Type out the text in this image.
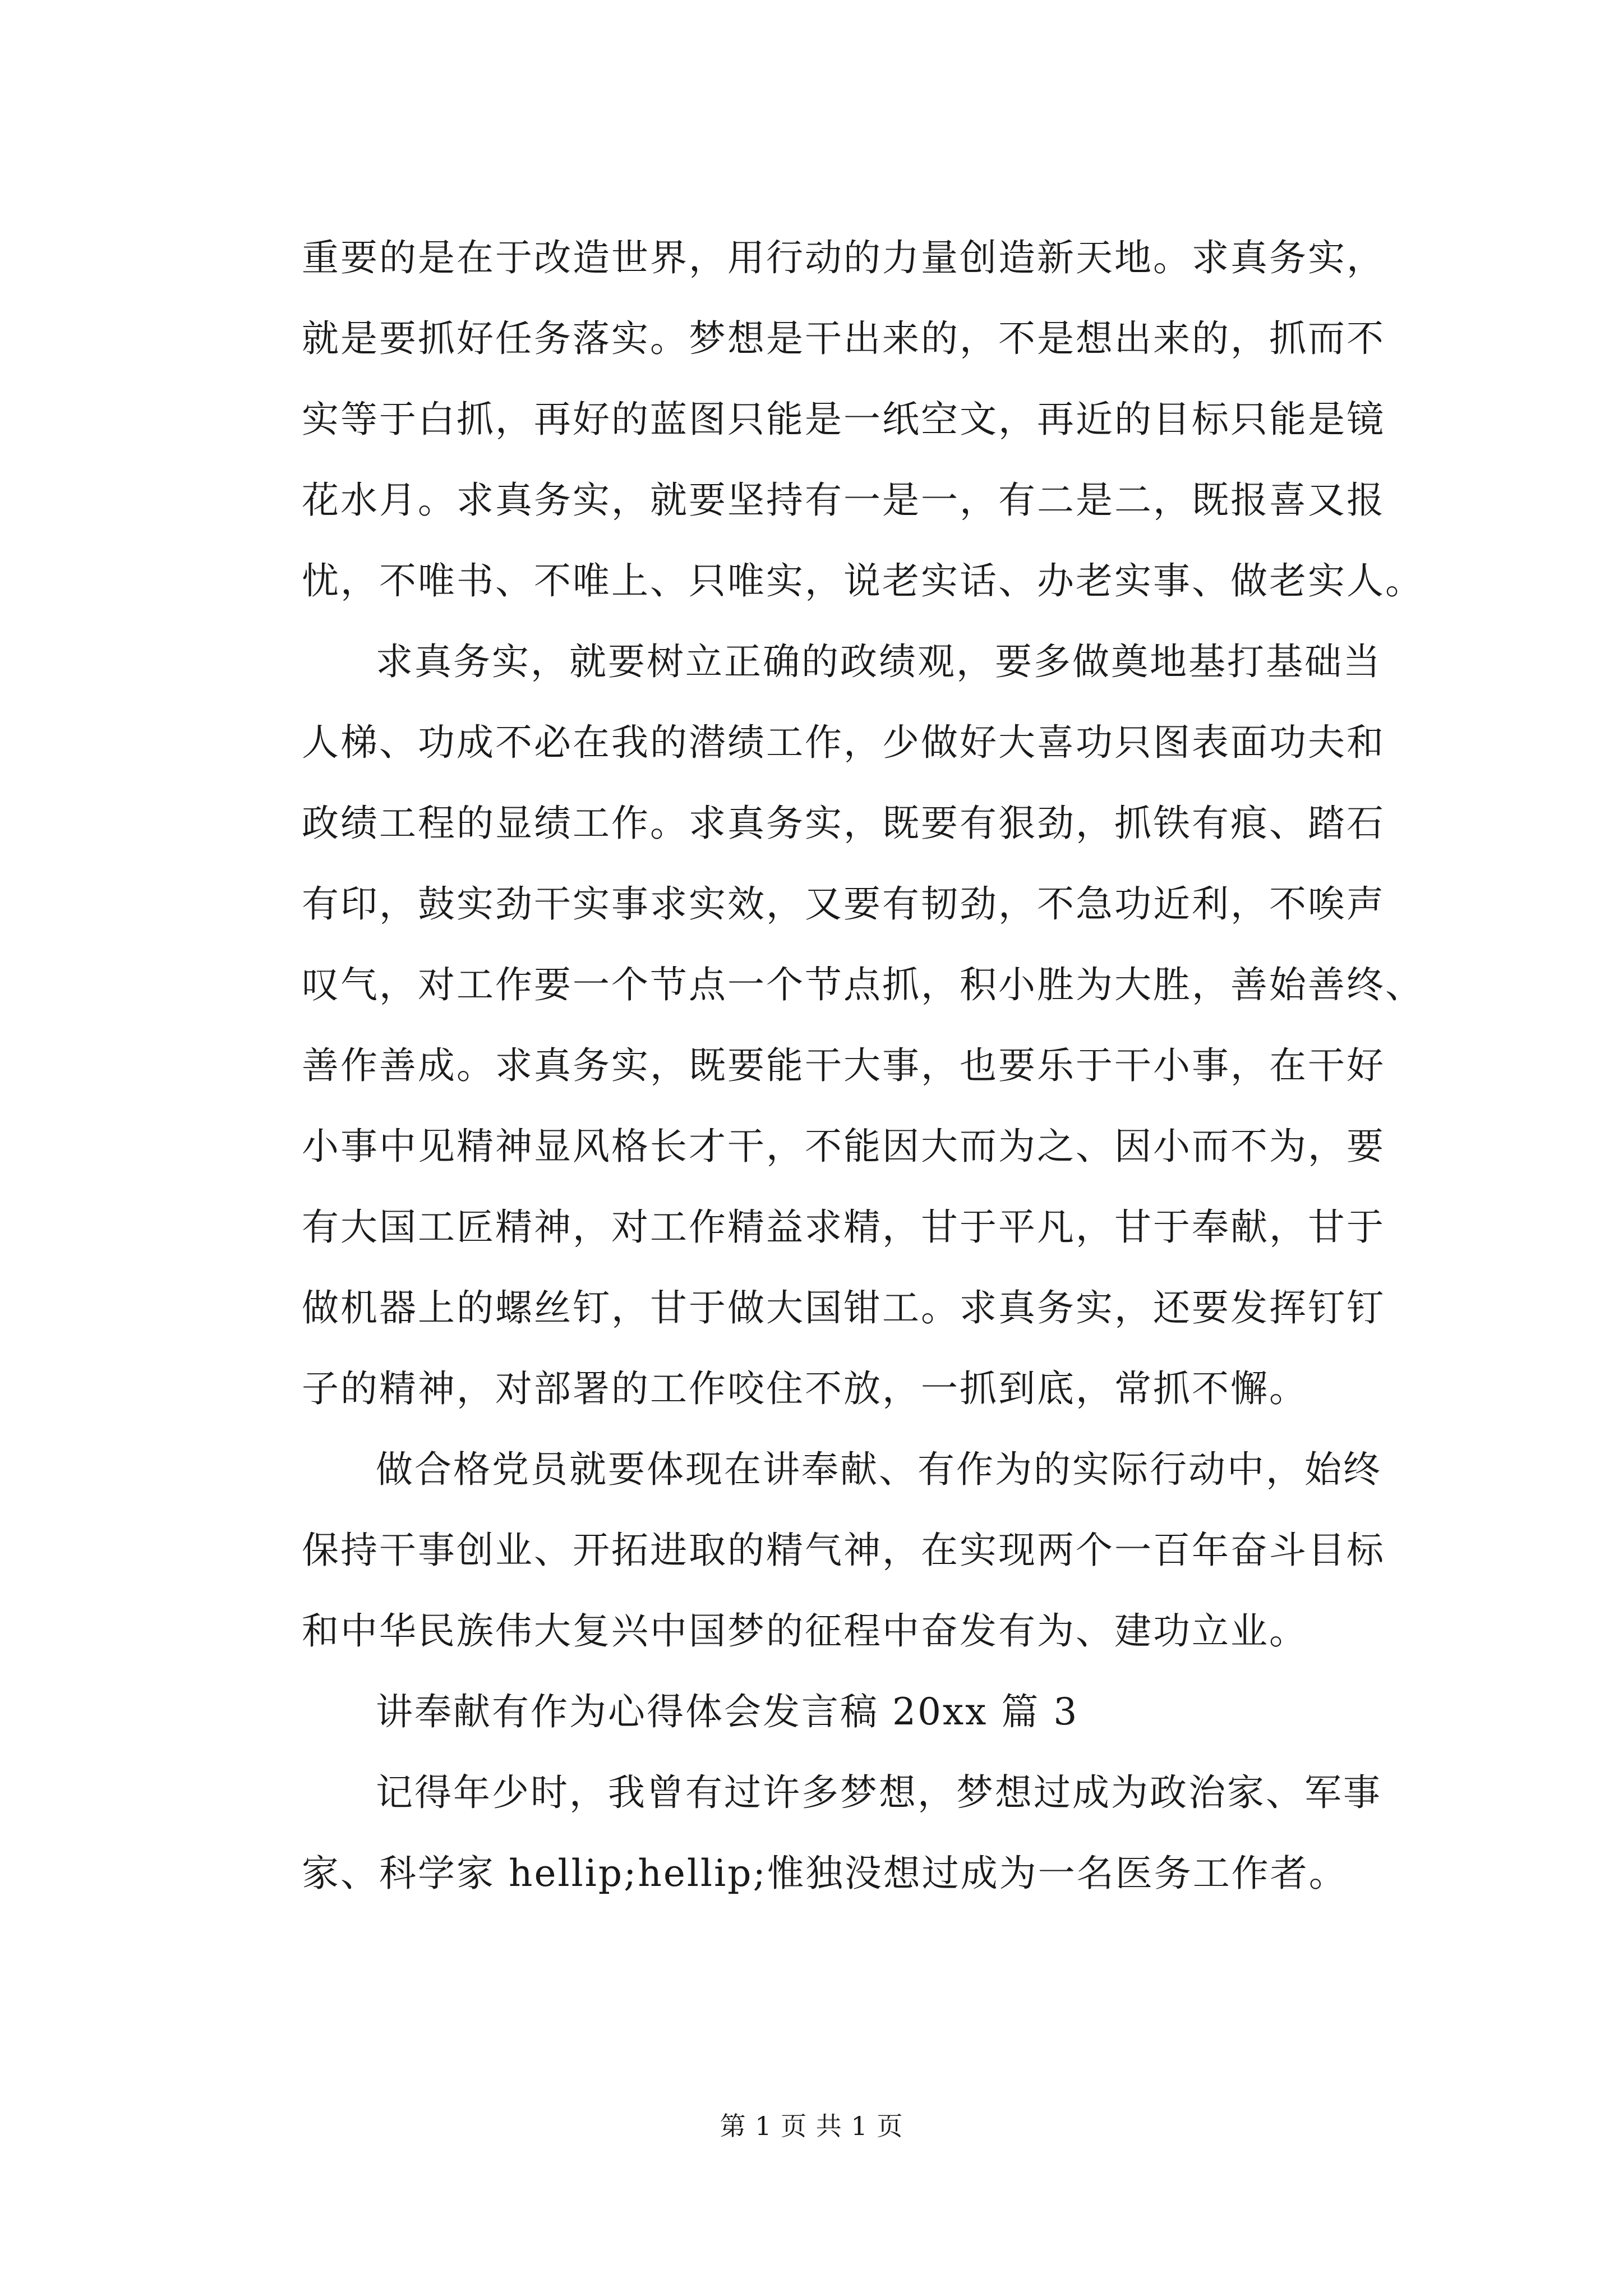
重要的是在于改造世界，用行动的力量创造新天地。求真务实，
就是要抓好任务落实。梦想是干出来的，不是想出来的，抓而不
实等于白抓，再好的蓝图只能是一纸空文，再近的目标只能是镜
花水月。求真务实，就要坚持有一是一，有二是二，既报喜又报
忧，不唯书、不唯上、只唯实，说老实话、办老实事、做老实人。
求真务实，就要树立正确的政绩观，要多做奠地基打基础当
人梯、功成不必在我的潜绩工作，少做好大喜功只图表面功夫和
政绩工程的显绩工作。求真务实，既要有狠劲，抓铁有痕、踏石
有印，鼓实劲干实事求实效，又要有韧劲，不急功近利，不唉声
叹气，对工作要一个节点一个节点抓，积小胜为大胜，善始善终、
善作善成。求真务实，既要能干大事，也要乐于干小事，在干好
小事中见精神显风格长才干，不能因大而为之、因小而不为，要
有大国工匠精神，对工作精益求精，甘于平凡，甘于奉献，甘于
做机器上的螺丝钉，甘于做大国钳工。求真务实，还要发挥钉钉
子的精神，对部署的工作咬住不放，一抓到底，常抓不懈。
做合格党员就要体现在讲奉献、有作为的实际行动中，始终
保持干事创业、开拓进取的精气神，在实现两个一百年奋斗目标
和中华民族伟大复兴中国梦的征程中奋发有为、建功立业。
讲奉献有作为心得体会发言稿 20xx 篇 3
记得年少时，我曾有过许多梦想，梦想过成为政治家、军事
家、科学家 hellip;hellip;惟独没想过成为一名医务工作者。
第 1 页 共 1 页
